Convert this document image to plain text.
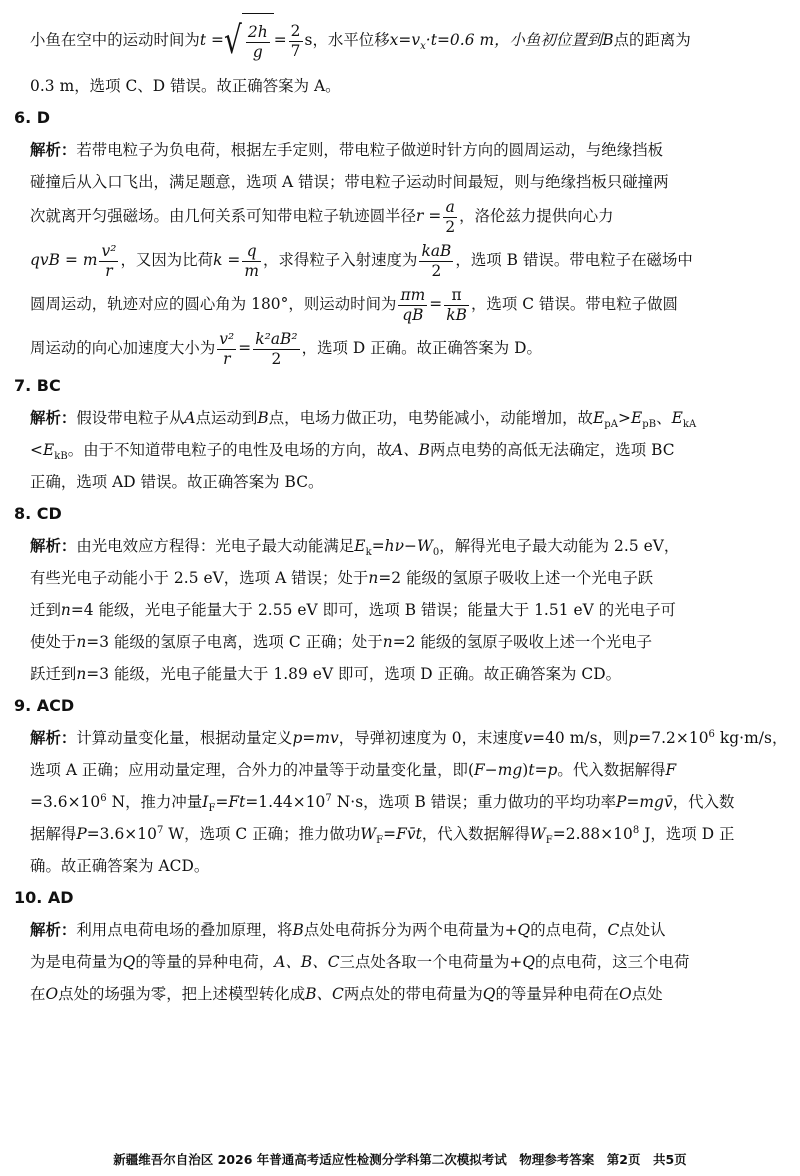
小鱼在空中的运动时间为t = √ $\frac{2h}{g} = \frac{2}{7}$ s，水平位移$x=v_x\cdot t=0.6$ m，小鱼初位置到B点的距离为
0.3 m，选项 C、D 错误。故正确答案为 A。
6. D
解析：若带电粒子为负电荷，根据左手定则，带电粒子做逆时针方向的圆周运动，与绝缘挡板
碰撞后从入口飞出，满足题意，选项 A 错误；带电粒子运动时间最短，则与绝缘挡板只碰撞两
次就离开匀强磁场。由几何关系可知带电粒子轨迹圆半径$r = \frac{a}{2}$ ，洛伦兹力提供向心力
qvB = m $\frac{\text{v²}}{r}$ ，又因为比荷$k = \frac{q}{m}$ ，求得粒子入射速度为 $\frac{\text{kaB}}{2}$ ，选项 B 错误。带电粒子在磁场中
圆周运动，轨迹对应的圆心角为 180°，则运动时间为 $\frac{\pi m}{qB} = \frac{\pi}{kB}$ ，选项 C 错误。带电粒子做圆
周运动的向心加速度大小为 $\frac{\text{v²}}{r} = \frac{\text{k²aB²}}{2}$ ，选项 D 正确。故正确答案为 D。
7. BC
解析：假设带电粒子从A点运动到B点，电场力做正功，电势能减小，动能增加，故$E_{pA}>E_{pB}$、$E_{kA}$
$<E_{kB}$。由于不知道带电粒子的电性及电场的方向，故A、B两点电势的高低无法确定，选项 BC
正确，选项 AD 错误。故正确答案为 BC。
8. CD
解析：由光电效应方程得：光电子最大动能满足$E_k=h\nu-W_0$，解得光电子最大动能为 2.5 eV，
有些光电子动能小于 2.5 eV，选项 A 错误；处于n=2 能级的氢原子吸收上述一个光电子跃
迁到n=4 能级，光电子能量大于 2.55 eV 即可，选项 B 错误；能量大于 1.51 eV 的光电子可
使处于n=3 能级的氢原子电离，选项 C 正确；处于n=2 能级的氢原子吸收上述一个光电子
跃迁到n=3 能级，光电子能量大于 1.89 eV 即可，选项 D 正确。故正确答案为 CD。
9. ACD
解析：计算动量变化量，根据动量定义p=mv，导弹初速度为 0，末速度v=40 m/s，则$p=7.2\times 10^6$ kg·m/s，
选项 A 正确；应用动量定理，合外力的冲量等于动量变化量，即(F−mg)t=p。代入数据解得F
$=3.6\times 10^6$ N，推力冲量$I_F=Ft=1.44\times 10^7$ N·s，选项 B 错误；重力做功的平均功率P=mgv̄，代入数
据解得$P=3.6\times 10^7$ W，选项 C 正确；推力做功$W_F=Fv̄t$，代入数据解得$W_F=2.88\times 10^8$ J，选项 D 正
确。故正确答案为 ACD。
10. AD
解析：利用点电荷电场的叠加原理，将B点处电荷拆分为两个电荷量为+Q的点电荷，C点处认
为是电荷量为Q的等量的异种电荷，A、B、C三点处各取一个电荷量为+Q的点电荷，这三个电荷
在O点处的场强为零，把上述模型转化成B、C两点处的带电荷量为Q的等量异种电荷在O点处
新疆维吾尔自治区 2026 年普通高考适应性检测分学科第二次模拟考试　物理参考答案　第2页　共5页
